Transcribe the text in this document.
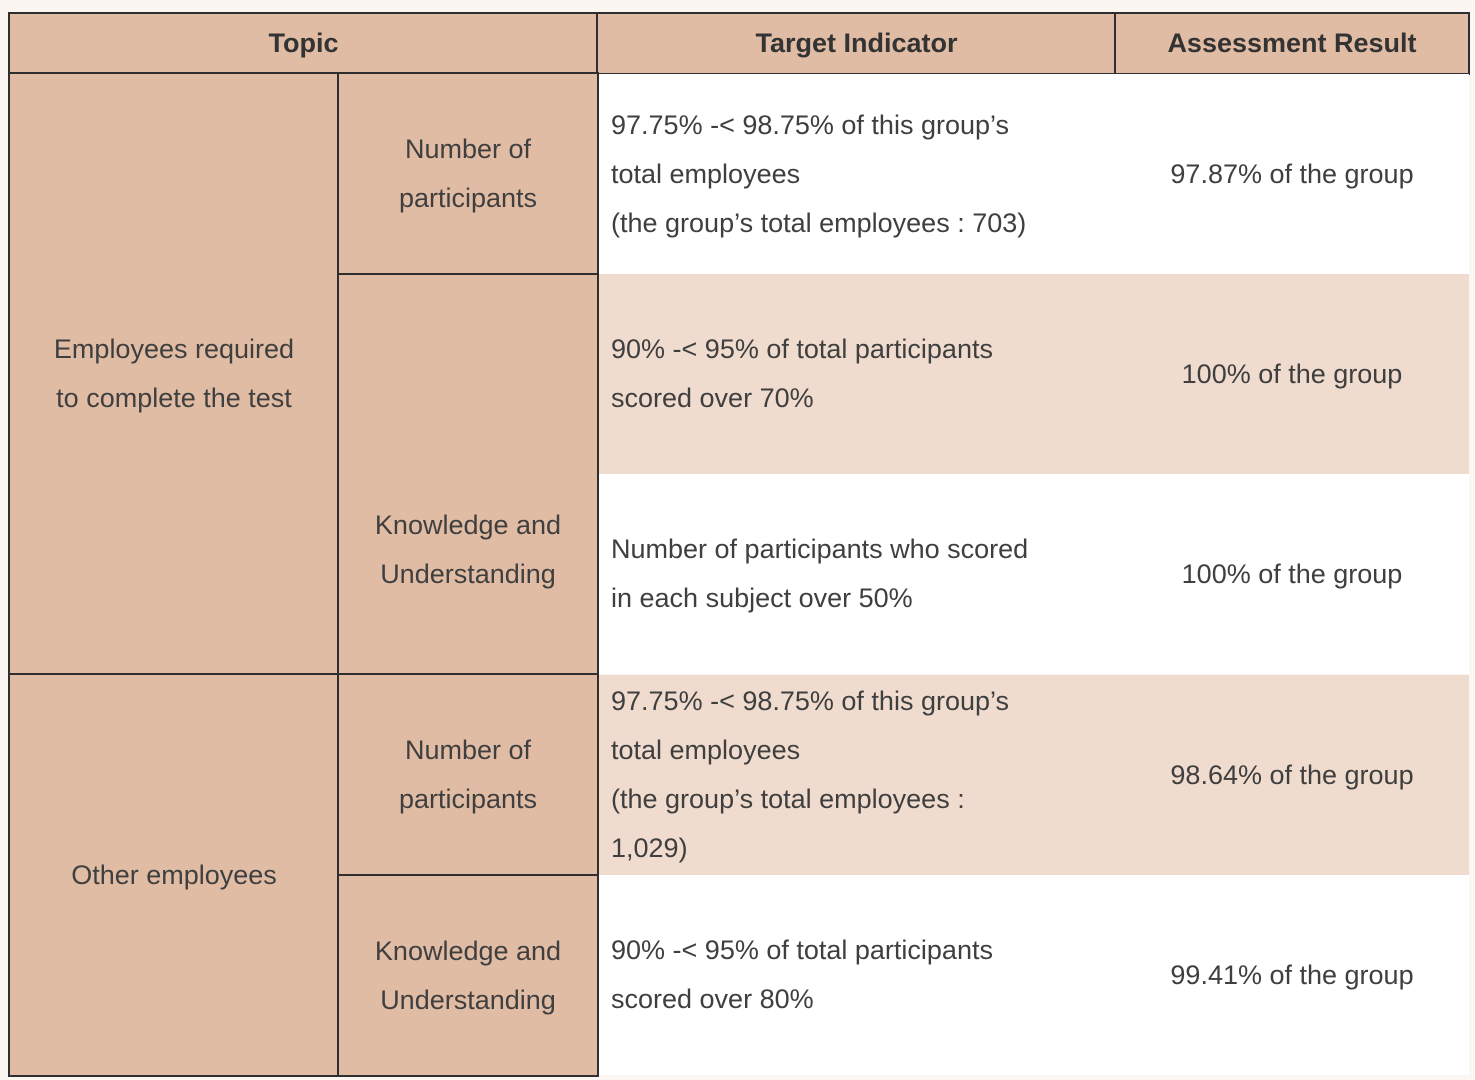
Topic	Target Indicator	Assessment Result
Employees required
to complete the test
Number of
participants
Knowledge and
Understanding
97.75% -< 98.75% of this group’s
total employees
(the group’s total employees : 703)
97.87% of the group
90% -< 95% of total participants
scored over 70%
100% of the group
Number of participants who scored
in each subject over 50%
100% of the group
Other employees
Number of
participants
Knowledge and
Understanding
97.75% -< 98.75% of this group’s
total employees
(the group’s total employees :
1,029)
98.64% of the group
90% -< 95% of total participants
scored over 80%
99.41% of the group
